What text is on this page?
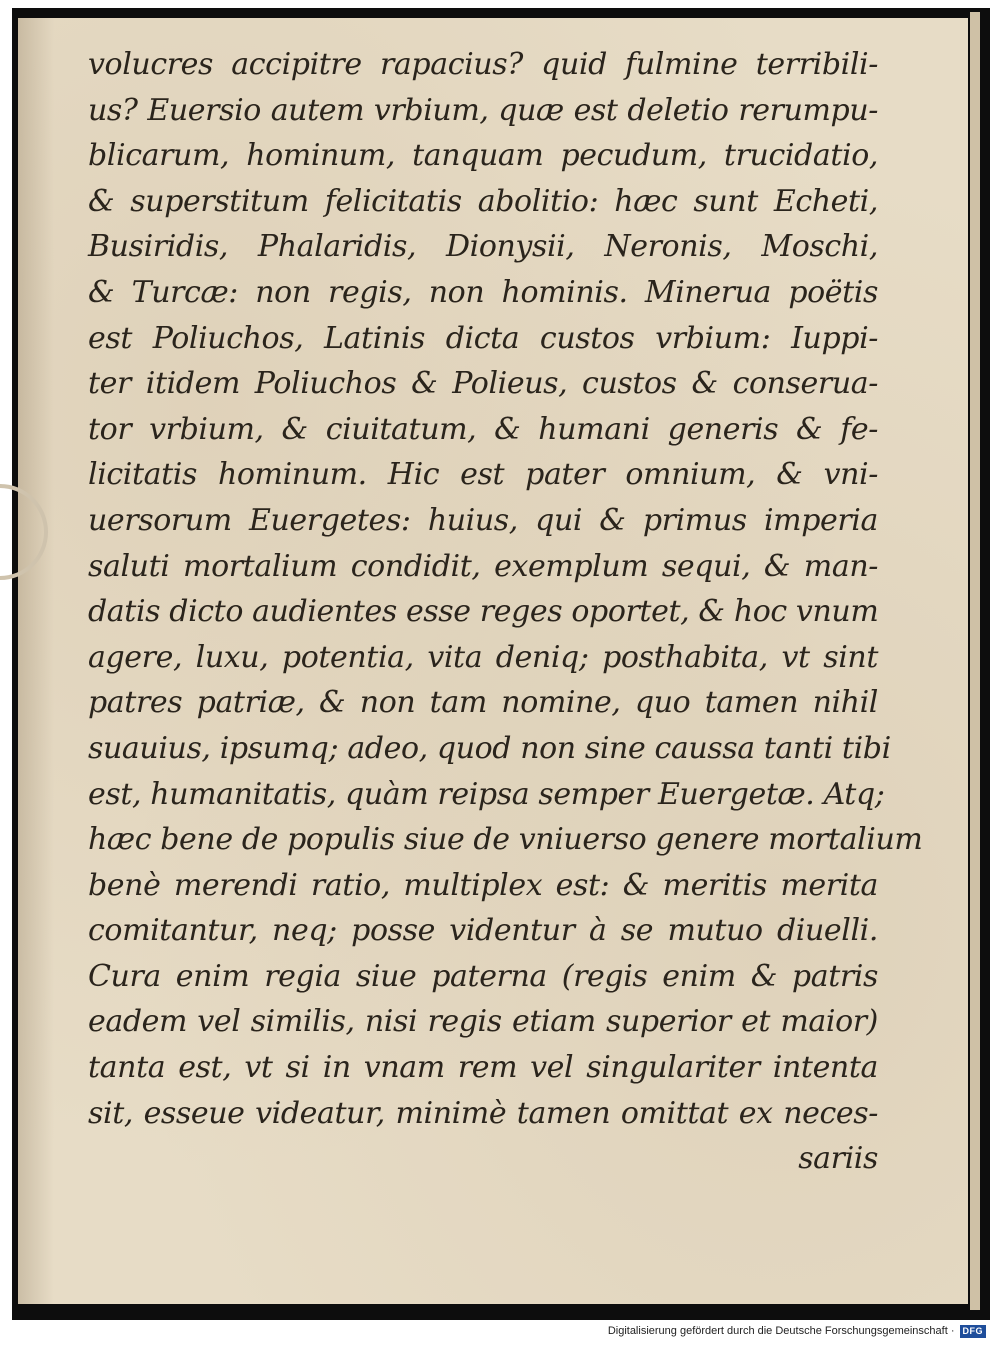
volucres accipitre rapacius? quid fulmine terribili-
us? Euersio autem vrbium, quæ est deletio rerumpu-
blicarum, hominum, tanquam pecudum, trucidatio,
& superstitum felicitatis abolitio: hæc sunt Echeti,
Busiridis, Phalaridis, Dionysii, Neronis, Moschi,
& Turcæ: non regis, non hominis. Minerua poëtis
est Poliuchos, Latinis dicta custos vrbium: Iuppi-
ter itidem Poliuchos & Polieus, custos & conserua-
tor vrbium, & ciuitatum, & humani generis & fe-
licitatis hominum. Hic est pater omnium, & vni-
uersorum Euergetes: huius, qui & primus imperia
saluti mortalium condidit, exemplum sequi, & man-
datis dicto audientes esse reges oportet, & hoc vnum
agere, luxu, potentia, vita deniq; posthabita, vt sint
patres patriæ, & non tam nomine, quo tamen nihil
suauius, ipsumq; adeo, quod non sine caussa tanti tibi
est, humanitatis, quàm reipsa semper Euergetæ. Atq;
hæc bene de populis siue de vniuerso genere mortalium
benè merendi ratio, multiplex est: & meritis merita
comitantur, neq; posse videntur à se mutuo diuelli.
Cura enim regia siue paterna (regis enim & patris
eadem vel similis, nisi regis etiam superior et maior)
tanta est, vt si in vnam rem vel singulariter intenta
sit, esseue videatur, minimè tamen omittat ex neces-
sariis
Digitalisierung gefördert durch die Deutsche Forschungsgemeinschaft · DFG
